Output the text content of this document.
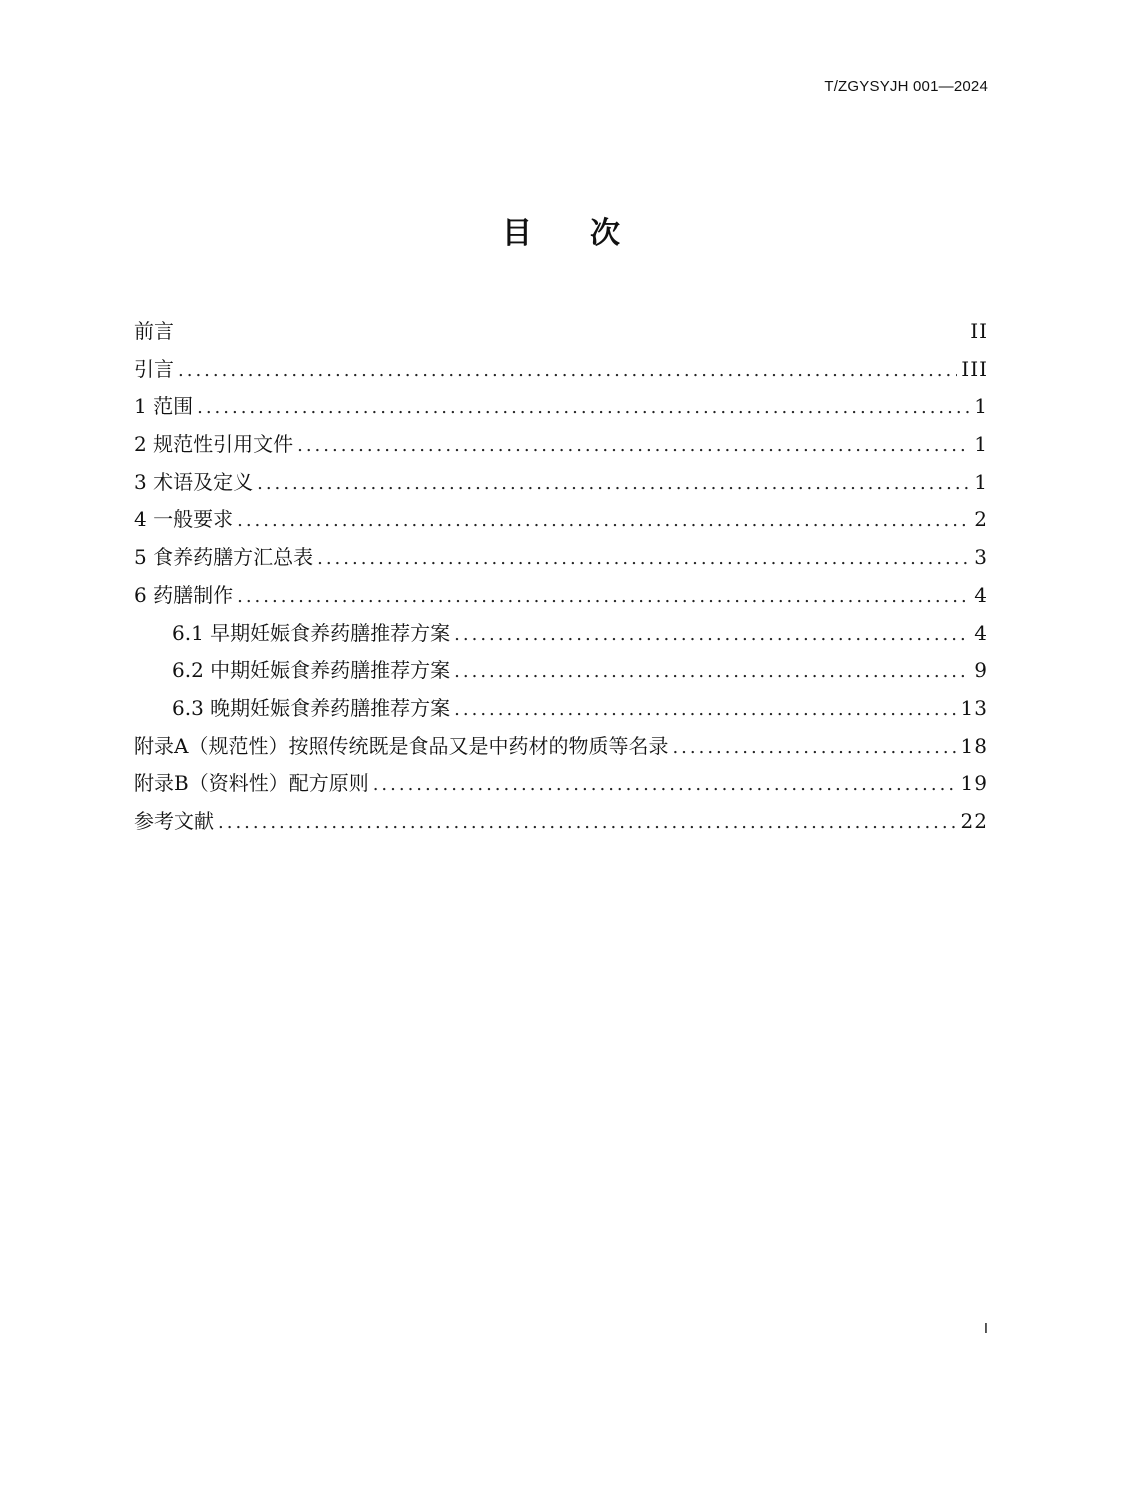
T/ZGYSYJH 001—2024
目次
前言	II
引言 .....	III
1 范围 .....	1
2 规范性引用文件 .....	1
3 术语及定义 .....	1
4 一般要求 .....	2
5 食养药膳方汇总表 .....	3
6 药膳制作 .....	4
6.1 早期妊娠食养药膳推荐方案 .....	4
6.2 中期妊娠食养药膳推荐方案 .....	9
6.3 晚期妊娠食养药膳推荐方案 .....	13
附录A（规范性）按照传统既是食品又是中药材的物质等名录 .....	18
附录B（资料性）配方原则 .....	19
参考文献 .....	22
I
